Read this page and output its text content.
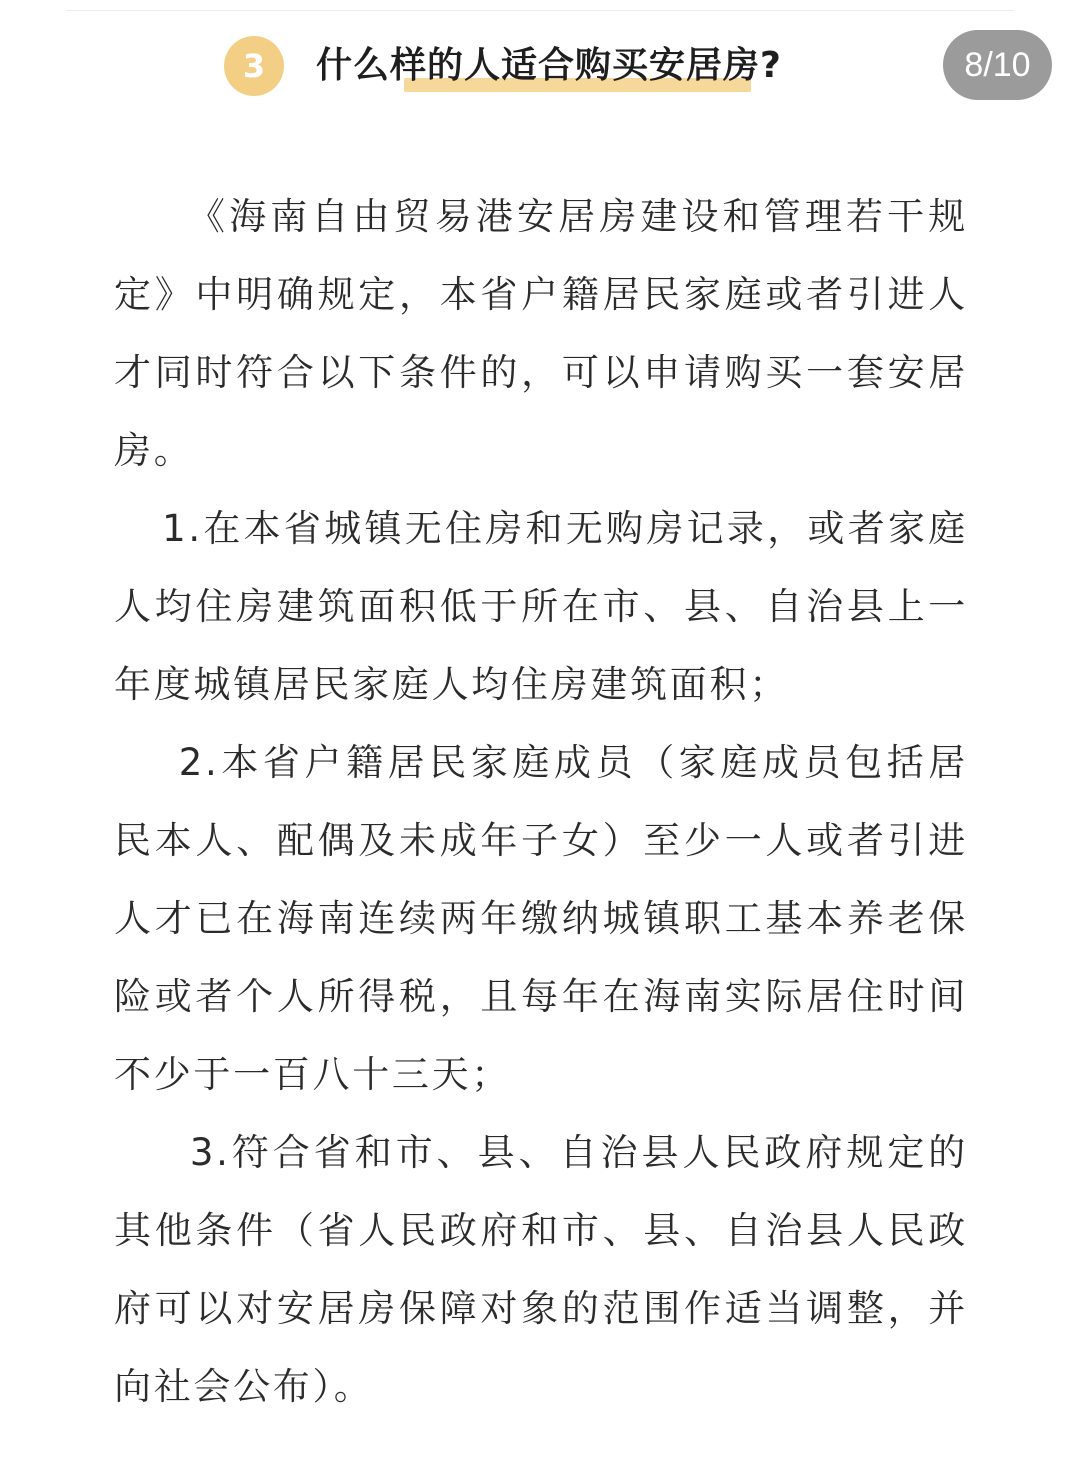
3	什么样的人适合购买安居房?	8/10

《海南自由贸易港安居房建设和管理若干规定》中明确规定，本省户籍居民家庭或者引进人才同时符合以下条件的，可以申请购买一套安居房。

1.在本省城镇无住房和无购房记录，或者家庭人均住房建筑面积低于所在市、县、自治县上一年度城镇居民家庭人均住房建筑面积；

2.本省户籍居民家庭成员（家庭成员包括居民本人、配偶及未成年子女）至少一人或者引进人才已在海南连续两年缴纳城镇职工基本养老保险或者个人所得税，且每年在海南实际居住时间不少于一百八十三天；

3.符合省和市、县、自治县人民政府规定的其他条件（省人民政府和市、县、自治县人民政府可以对安居房保障对象的范围作适当调整，并向社会公布）。
